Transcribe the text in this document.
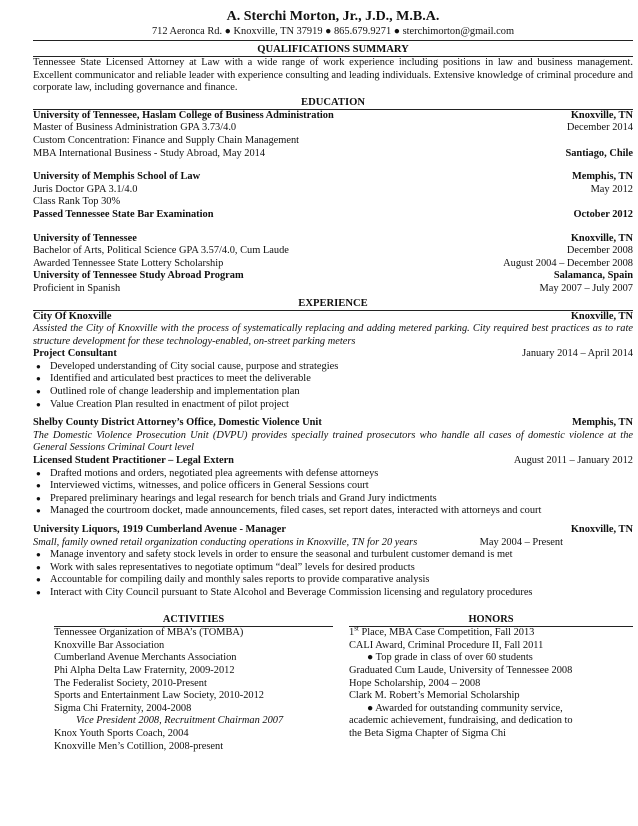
A. Sterchi Morton, Jr., J.D., M.B.A.
712 Aeronca Rd. ● Knoxville, TN 37919 ● 865.679.9271 ● sterchimorton@gmail.com
QUALIFICATIONS SUMMARY
Tennessee State Licensed Attorney at Law with a wide range of work experience including positions in law and business management. Excellent communicator and reliable leader with experience consulting and leading individuals. Extensive knowledge of criminal procedure and corporate law, including governance and finance.
EDUCATION
University of Tennessee, Haslam College of Business Administration	Knoxville, TN
Master of Business Administration GPA 3.73/4.0	December 2014
Custom Concentration: Finance and Supply Chain Management
MBA International Business - Study Abroad, May 2014	Santiago, Chile
University of Memphis School of Law	Memphis, TN
Juris Doctor GPA 3.1/4.0	May 2012
Class Rank Top 30%
Passed Tennessee State Bar Examination	October 2012
University of Tennessee	Knoxville, TN
Bachelor of Arts, Political Science GPA 3.57/4.0, Cum Laude	December 2008
Awarded Tennessee State Lottery Scholarship	August 2004 – December 2008
University of Tennessee Study Abroad Program	Salamanca, Spain
Proficient in Spanish	May 2007 – July 2007
EXPERIENCE
City Of Knoxville	Knoxville, TN
Assisted the City of Knoxville with the process of systematically replacing and adding metered parking. City required best practices as to rate structure development for these technology-enabled, on-street parking meters
Project Consultant	January 2014 – April 2014
● Developed understanding of City social cause, purpose and strategies
● Identified and articulated best practices to meet the deliverable
● Outlined role of change leadership and implementation plan
● Value Creation Plan resulted in enactment of pilot project
Shelby County District Attorney’s Office, Domestic Violence Unit	Memphis, TN
The Domestic Violence Prosecution Unit (DVPU) provides specially trained prosecutors who handle all cases of domestic violence at the General Sessions Criminal Court level
Licensed Student Practitioner – Legal Extern	August 2011 – January 2012
● Drafted motions and orders, negotiated plea agreements with defense attorneys
● Interviewed victims, witnesses, and police officers in General Sessions court
● Prepared preliminary hearings and legal research for bench trials and Grand Jury indictments
● Managed the courtroom docket, made announcements, filed cases, set report dates, interacted with attorneys and court
University Liquors, 1919 Cumberland Avenue - Manager	Knoxville, TN
Small, family owned retail organization conducting operations in Knoxville, TN for 20 years	May 2004 – Present
● Manage inventory and safety stock levels in order to ensure the seasonal and turbulent customer demand is met
● Work with sales representatives to negotiate optimum “deal” levels for desired products
● Accountable for compiling daily and monthly sales reports to provide comparative analysis
● Interact with City Council pursuant to State Alcohol and Beverage Commission licensing and regulatory procedures
ACTIVITIES
Tennessee Organization of MBA’s (TOMBA)
Knoxville Bar Association
Cumberland Avenue Merchants Association
Phi Alpha Delta Law Fraternity, 2009-2012
The Federalist Society, 2010-Present
Sports and Entertainment Law Society, 2010-2012
Sigma Chi Fraternity, 2004-2008
Vice President 2008, Recruitment Chairman 2007
Knox Youth Sports Coach, 2004
Knoxville Men’s Cotillion, 2008-present
HONORS
1st Place, MBA Case Competition, Fall 2013
CALI Award, Criminal Procedure II, Fall 2011
● Top grade in class of over 60 students
Graduated Cum Laude, University of Tennessee 2008
Hope Scholarship, 2004 – 2008
Clark M. Robert’s Memorial Scholarship
● Awarded for outstanding community service,
academic achievement, fundraising, and dedication to
the Beta Sigma Chapter of Sigma Chi
